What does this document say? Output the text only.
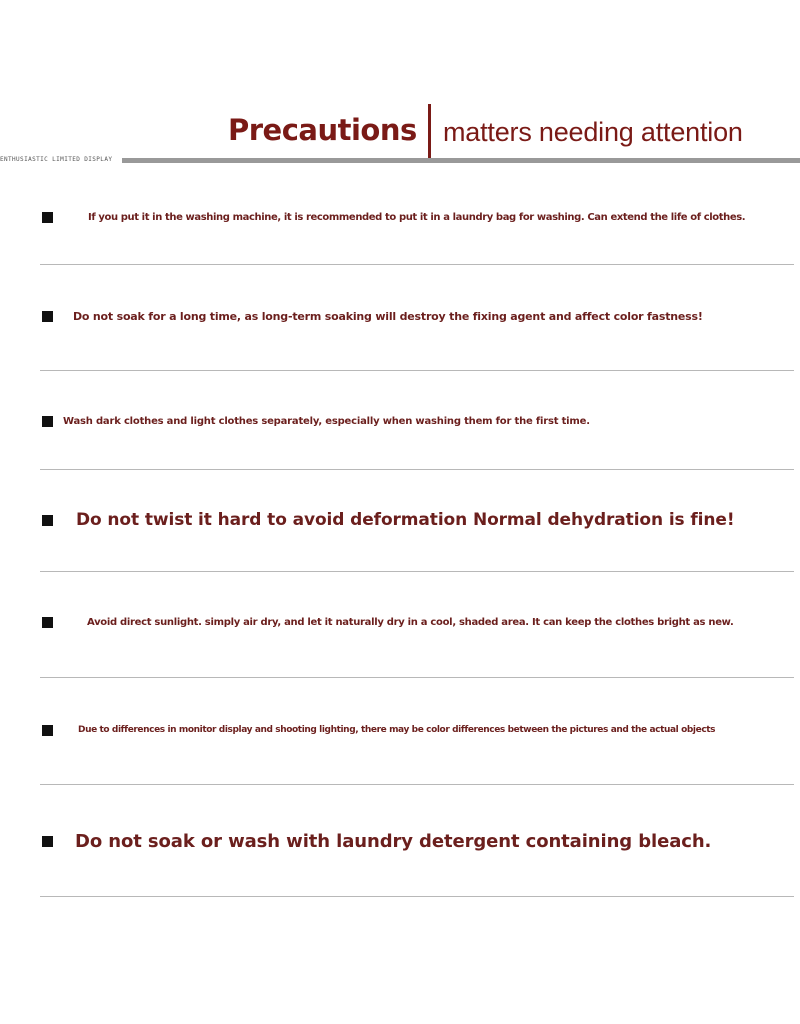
Precautions matters needing attention
ENTHUSIASTIC LIMITED DISPLAY
If you put it in the washing machine, it is recommended to put it in a laundry bag for washing. Can extend the life of clothes.
Do not soak for a long time, as long-term soaking will destroy the fixing agent and affect color fastness!
Wash dark clothes and light clothes separately, especially when washing them for the first time.
Do not twist it hard to avoid deformation Normal dehydration is fine!
Avoid direct sunlight. simply air dry, and let it naturally dry in a cool, shaded area. It can keep the clothes bright as new.
Due to differences in monitor display and shooting lighting, there may be color differences between the pictures and the actual objects
Do not soak or wash with laundry detergent containing bleach.
